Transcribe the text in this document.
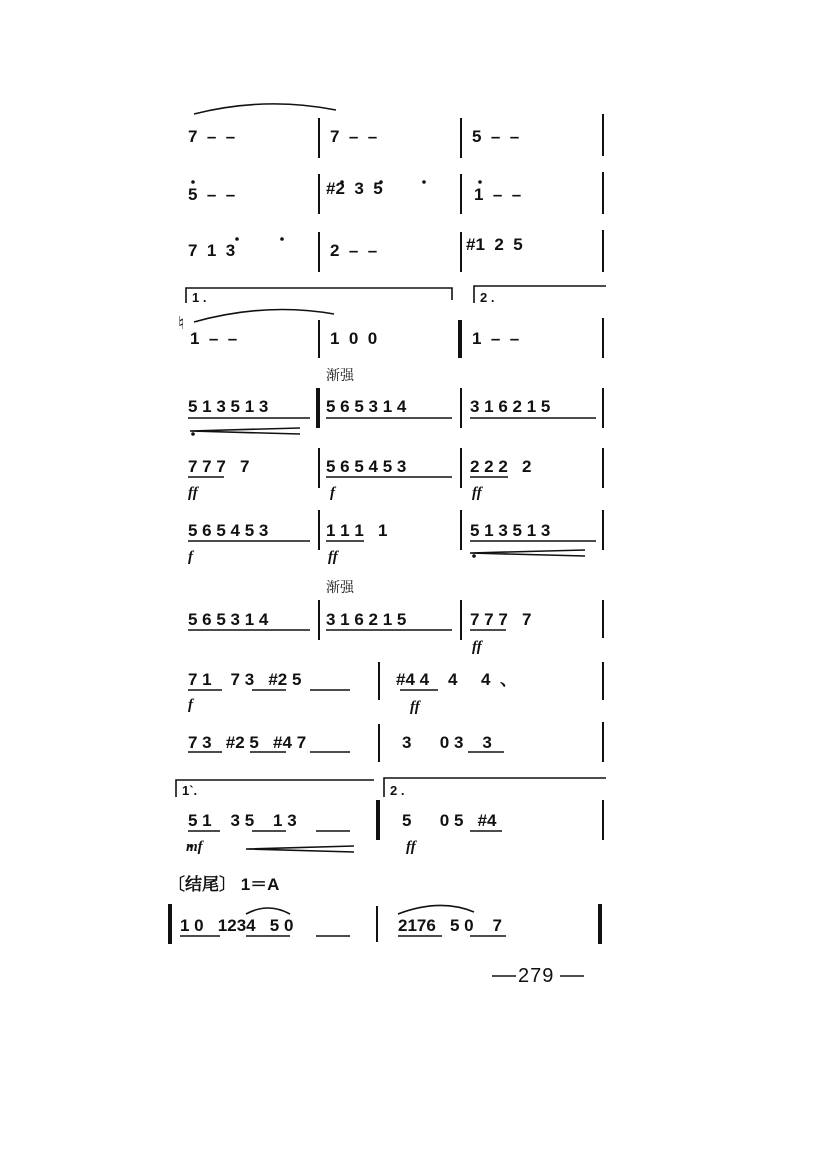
7  –  –	7  –  –	5  –  –
5  –  –	#2  3  5	1  –  –
7  1  3	2  –  –	#1  2  5
1 .	2 .
♮
1  –  –	1  0  0	1  –  –
渐强
5 1 3 5 1 3	5 6 5 3 1 4	3 1 6 2 1 5
7 7 7   7	5 6 5 4 5 3	2 2 2   2
ff	f	ff
5 6 5 4 5 3	1 1 1   1	5 1 3 5 1 3
f	ff
渐强
5 6 5 3 1 4	3 1 6 2 1 5	7 7 7   7
ff
7 1    7 3   #2 5	#4 4    4     4  、
f	ff
7 3   #2 5   #4 7	3      0 3    3
1`.	2 .
5 1    3 5    1 3	5      0 5   #4
mf	ff
〔结尾〕 1＝A
1 0   1234   5 0	2176   5 0    7
279
